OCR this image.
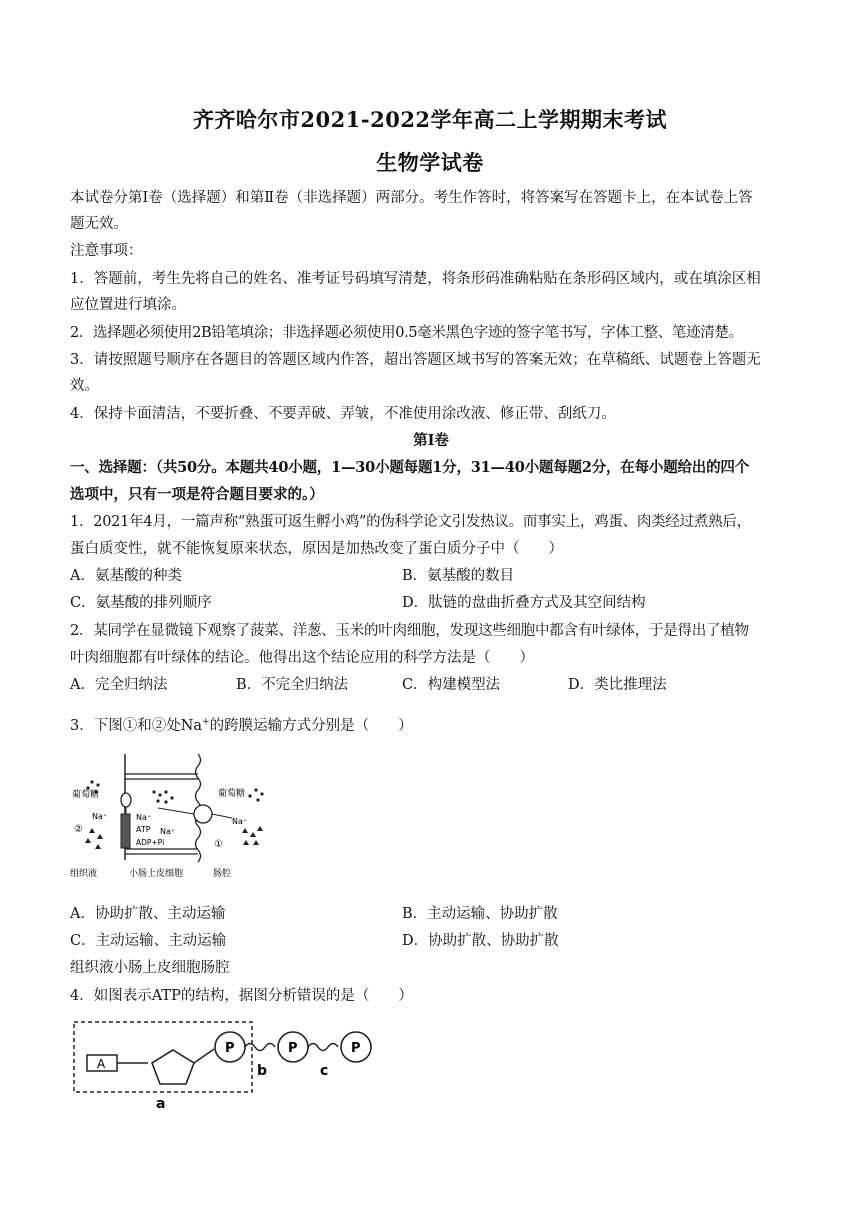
齐齐哈尔市2021-2022学年高二上学期期末考试
生物学试卷
本试卷分第Ⅰ卷（选择题）和第Ⅱ卷（非选择题）两部分。考生作答时，将答案写在答题卡上，在本试卷上答
题无效。
注意事项：
1．答题前，考生先将自己的姓名、准考证号码填写清楚，将条形码准确粘贴在条形码区域内，或在填涂区相
应位置进行填涂。
2．选择题必须使用2B铅笔填涂；非选择题必须使用0.5毫米黑色字迹的签字笔书写，字体工整、笔迹清楚。
3．请按照题号顺序在各题目的答题区域内作答，超出答题区域书写的答案无效；在草稿纸、试题卷上答题无
效。
4．保持卡面清洁，不要折叠、不要弄破、弄皱，不准使用涂改液、修正带、刮纸刀。
第Ⅰ卷
一、选择题：（共50分。本题共40小题，1—30小题每题1分，31—40小题每题2分，在每小题给出的四个
选项中，只有一项是符合题目要求的。）
1．2021年4月，一篇声称“熟蛋可返生孵小鸡”的伪科学论文引发热议。而事实上，鸡蛋、肉类经过煮熟后，
蛋白质变性，就不能恢复原来状态，原因是加热改变了蛋白质分子中（　　）
A．氨基酸的种类	B．氨基酸的数目
C．氨基酸的排列顺序	D．肽链的盘曲折叠方式及其空间结构
2．某同学在显微镜下观察了菠菜、洋葱、玉米的叶肉细胞，发现这些细胞中都含有叶绿体，于是得出了植物
叶肉细胞都有叶绿体的结论。他得出这个结论应用的科学方法是（　　）
A．完全归纳法	B．不完全归纳法	C．构建模型法	D．类比推理法
3．下图①和②处Na+的跨膜运输方式分别是（　　）
葡萄糖	葡萄糖
Na⁺	Na⁺
Na⁺
Na⁺
ATP
ADP+Pi
②
①
组织液	小肠上皮细胞	肠腔
A．协助扩散、主动运输	B．主动运输、协助扩散
C．主动运输、主动运输	D．协助扩散、协助扩散
组织液小肠上皮细胞肠腔
4．如图表示ATP的结构，据图分析错误的是（　　）
A
P	P	P
b	c
a
